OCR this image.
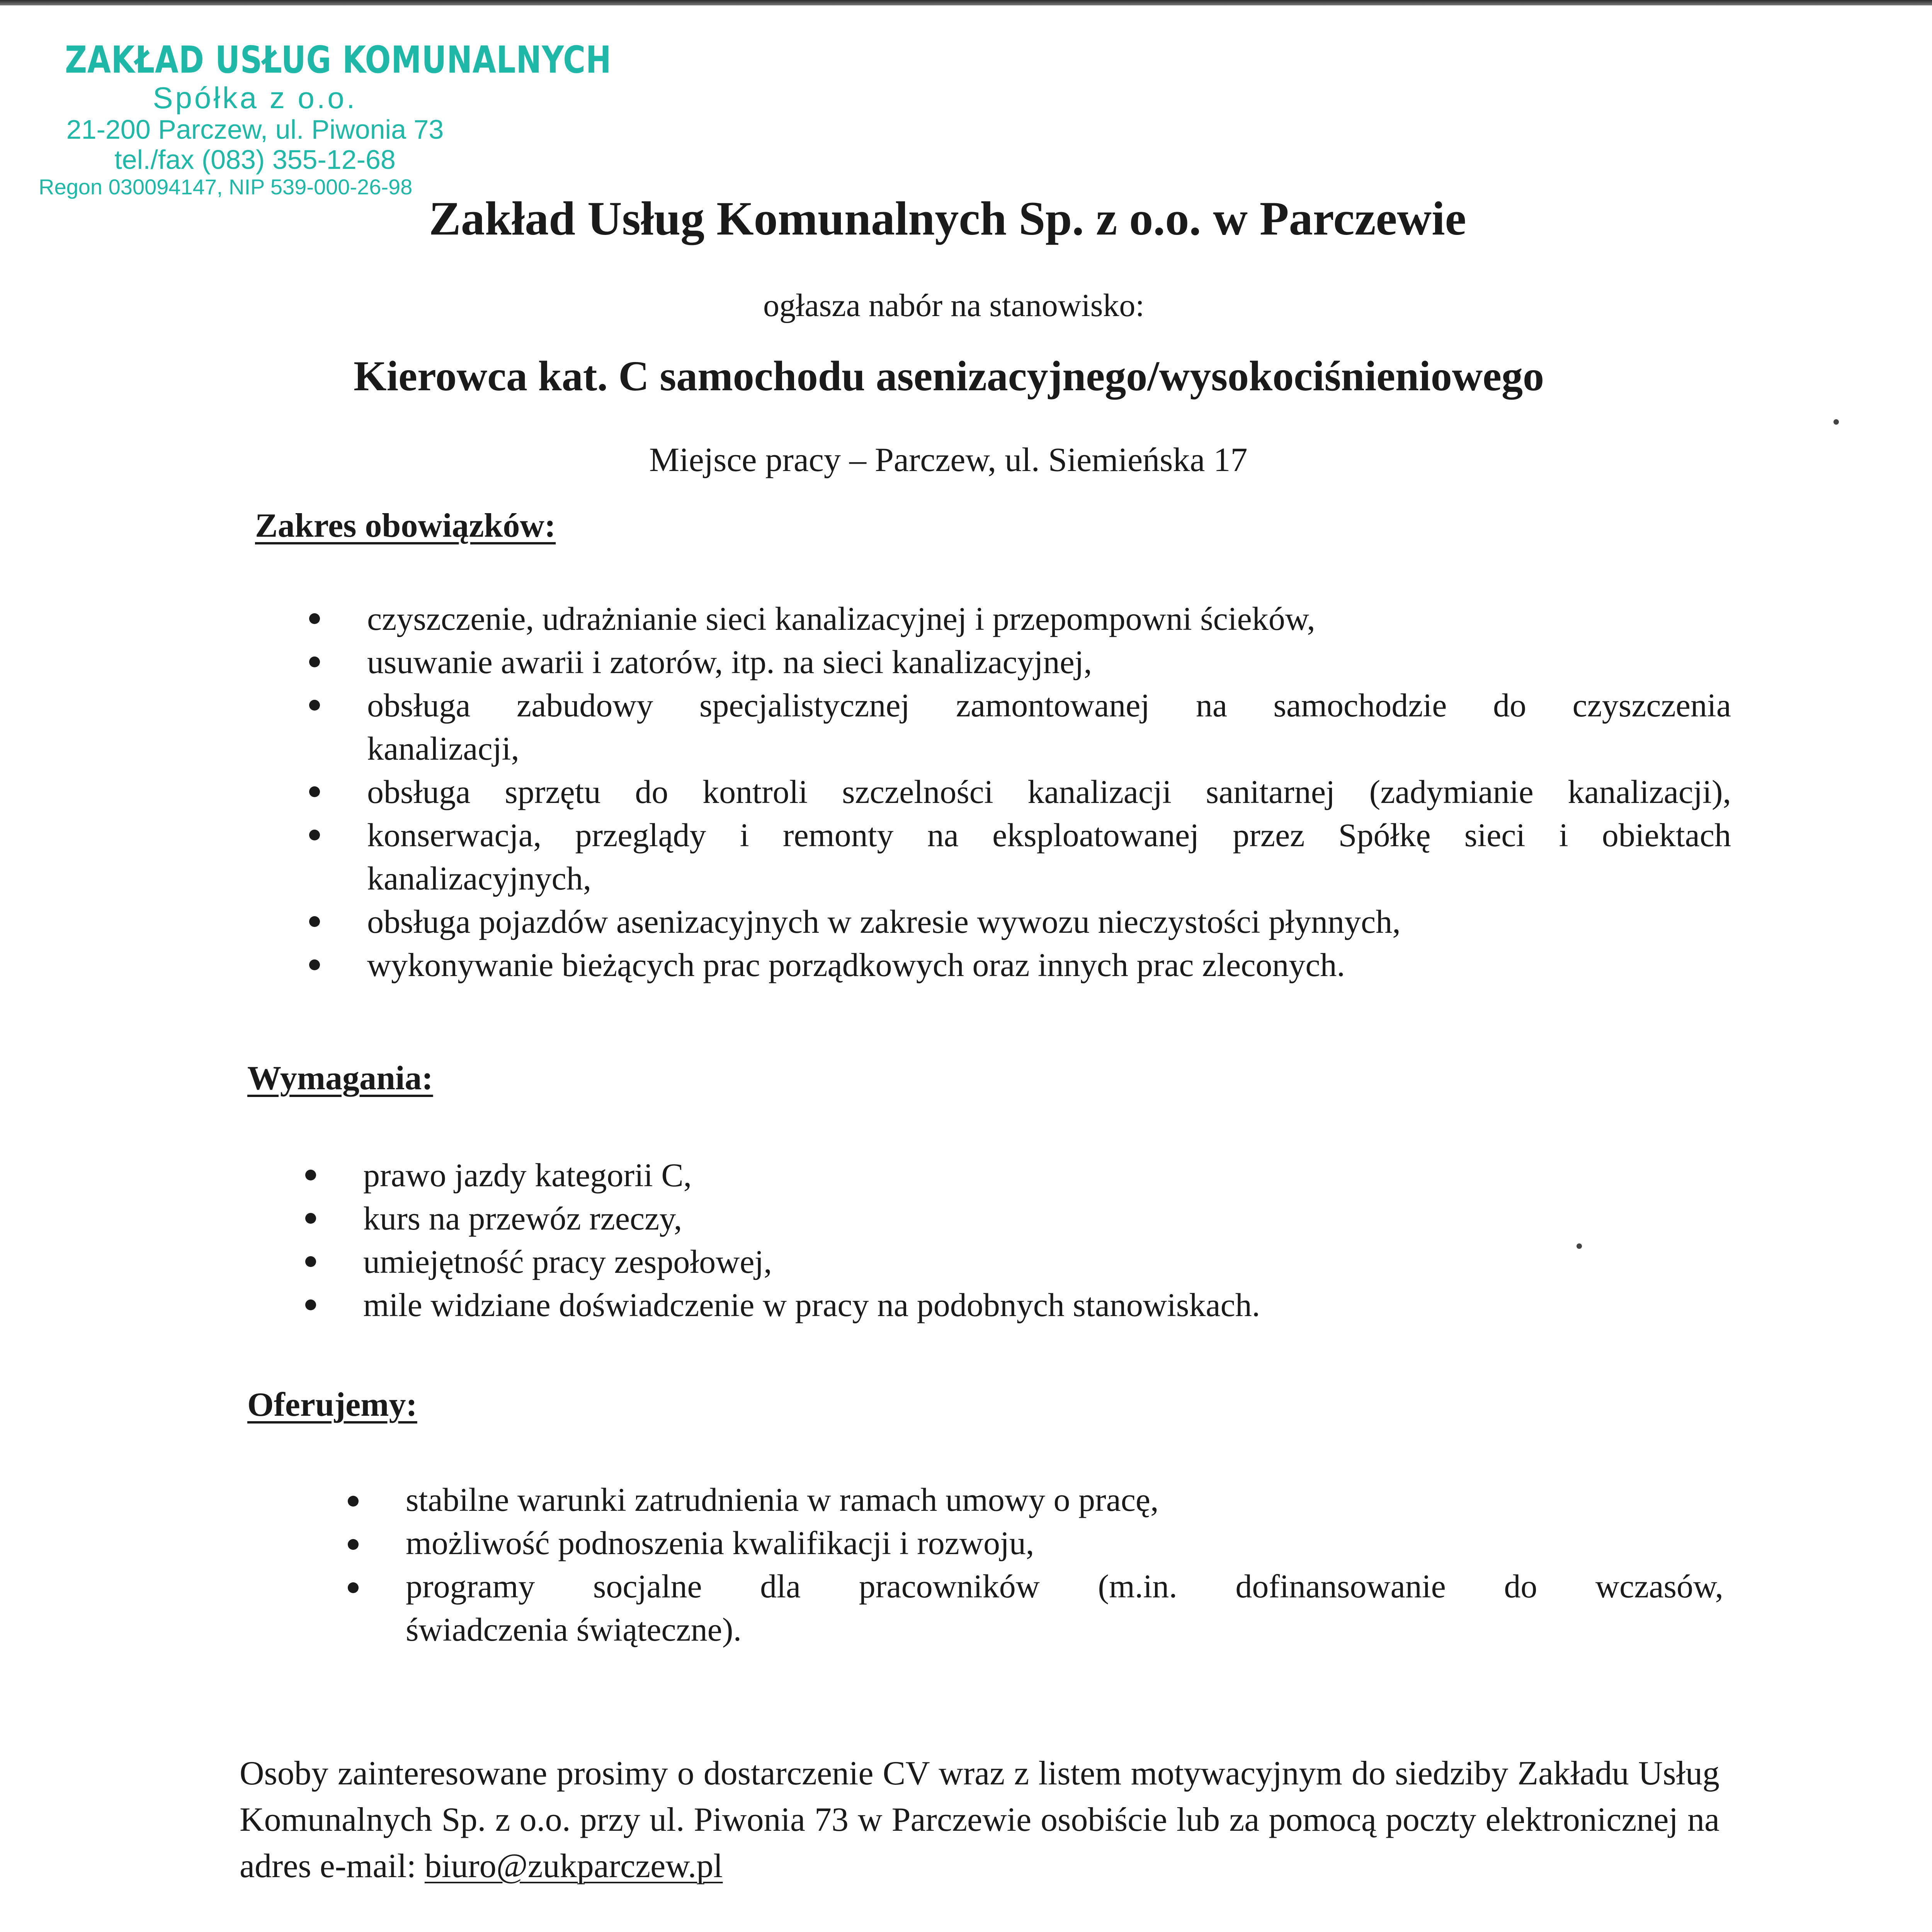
ZAKŁAD USŁUG KOMUNALNYCH
Spółka z o.o.
21-200 Parczew, ul. Piwonia 73
tel./fax (083) 355-12-68
Regon 030094147, NIP 539-000-26-98
Zakład Usług Komunalnych Sp. z o.o. w Parczewie
ogłasza nabór na stanowisko:
Kierowca kat. C samochodu asenizacyjnego/wysokociśnieniowego
Miejsce pracy – Parczew, ul. Siemieńska 17
Zakres obowiązków:
czyszczenie, udrażnianie sieci kanalizacyjnej i przepompowni ścieków,
usuwanie awarii i zatorów, itp. na sieci kanalizacyjnej,
obsługa zabudowy specjalistycznej zamontowanej na samochodzie do czyszczenia
kanalizacji,
obsługa sprzętu do kontroli szczelności kanalizacji sanitarnej (zadymianie kanalizacji),
konserwacja, przeglądy i remonty na eksploatowanej przez Spółkę sieci i obiektach
kanalizacyjnych,
obsługa pojazdów asenizacyjnych w zakresie wywozu nieczystości płynnych,
wykonywanie bieżących prac porządkowych oraz innych prac zleconych.
Wymagania:
prawo jazdy kategorii C,
kurs na przewóz rzeczy,
umiejętność pracy zespołowej,
mile widziane doświadczenie w pracy na podobnych stanowiskach.
Oferujemy:
stabilne warunki zatrudnienia w ramach umowy o pracę,
możliwość podnoszenia kwalifikacji i rozwoju,
programy socjalne dla pracowników (m.in. dofinansowanie do wczasów,
świadczenia świąteczne).
Osoby zainteresowane prosimy o dostarczenie CV wraz z listem motywacyjnym do siedziby Zakładu Usług Komunalnych Sp. z o.o. przy ul. Piwonia 73 w Parczewie osobiście lub za pomocą poczty elektronicznej na adres e-mail: biuro@zukparczew.pl
